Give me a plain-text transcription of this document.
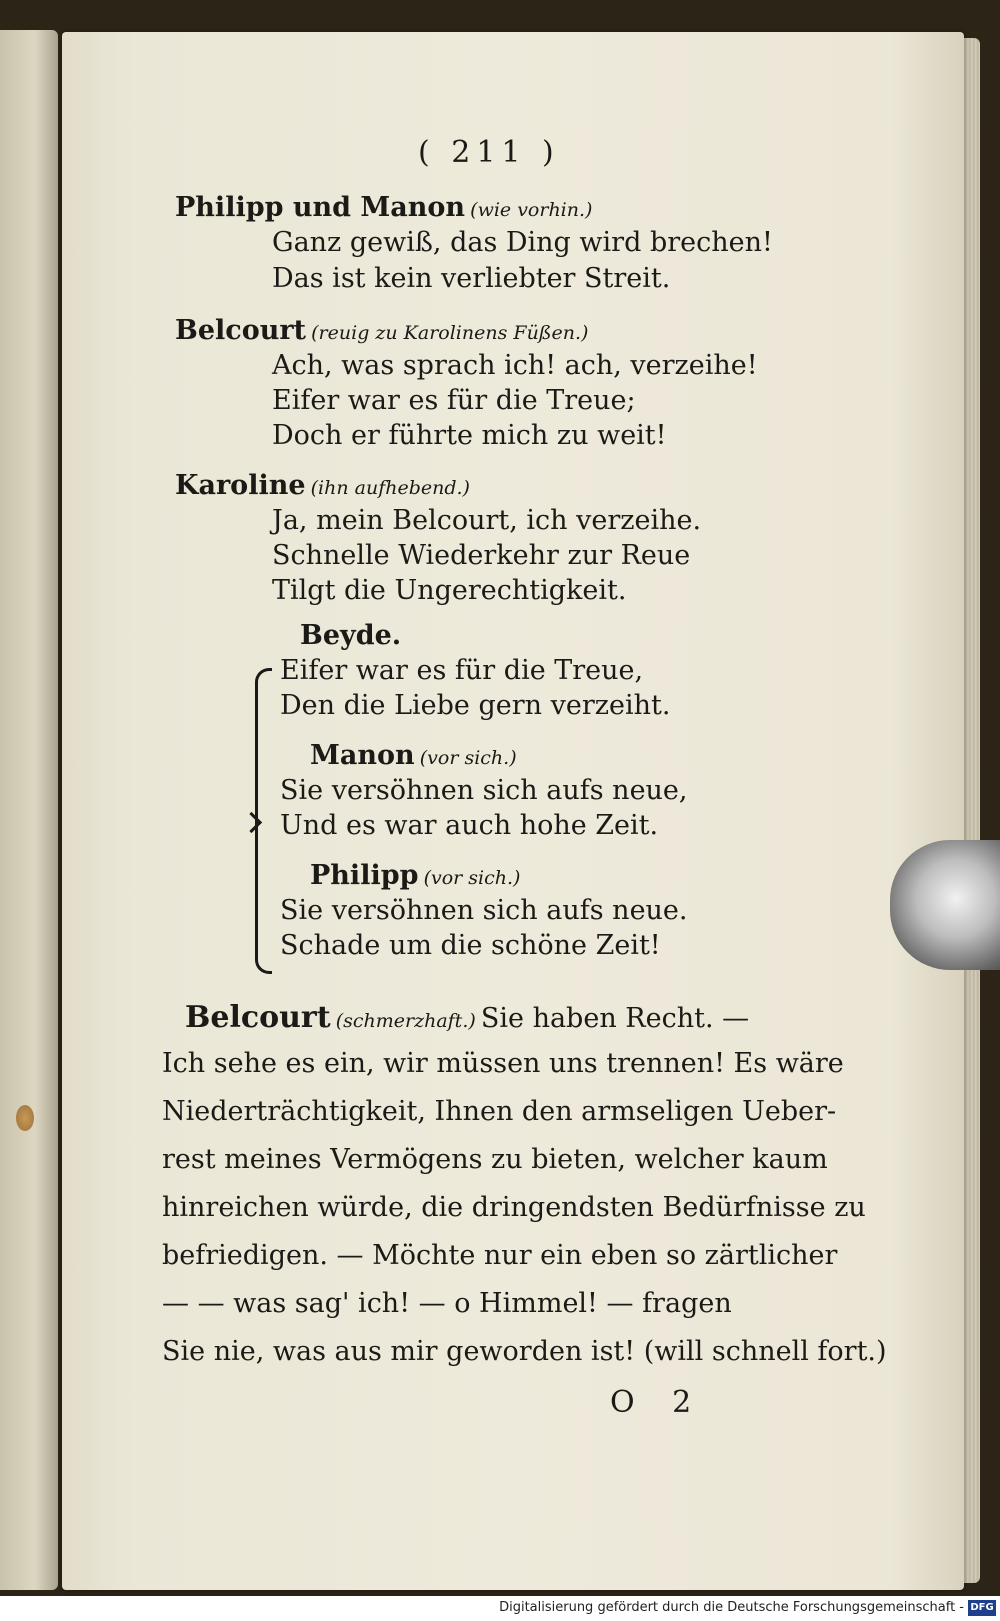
( 211 )
Philipp und Manon (wie vorhin.)
Ganz gewiß, das Ding wird brechen!
Das ist kein verliebter Streit.
Belcourt (reuig zu Karolinens Füßen.)
Ach, was sprach ich! ach, verzeihe!
Eifer war es für die Treue;
Doch er führte mich zu weit!
Karoline (ihn aufhebend.)
Ja, mein Belcourt, ich verzeihe.
Schnelle Wiederkehr zur Reue
Tilgt die Ungerechtigkeit.
Beyde.
Eifer war es für die Treue,
Den die Liebe gern verzeiht.
Manon (vor sich.)
Sie versöhnen sich aufs neue,
Und es war auch hohe Zeit.
Philipp (vor sich.)
Sie versöhnen sich aufs neue.
Schade um die schöne Zeit!
Belcourt (schmerzhaft.) Sie haben Recht. —
Ich sehe es ein, wir müssen uns trennen! Es wäre
Niederträchtigkeit, Ihnen den armseligen Ueber-
rest meines Vermögens zu bieten, welcher kaum
hinreichen würde, die dringendsten Bedürfnisse zu
befriedigen. — Möchte nur ein eben so zärtlicher
— — was sag' ich! — o Himmel! — fragen
Sie nie, was aus mir geworden ist! (will schnell fort.)
O 2
Digitalisierung gefördert durch die Deutsche Forschungsgemeinschaft - DFG
